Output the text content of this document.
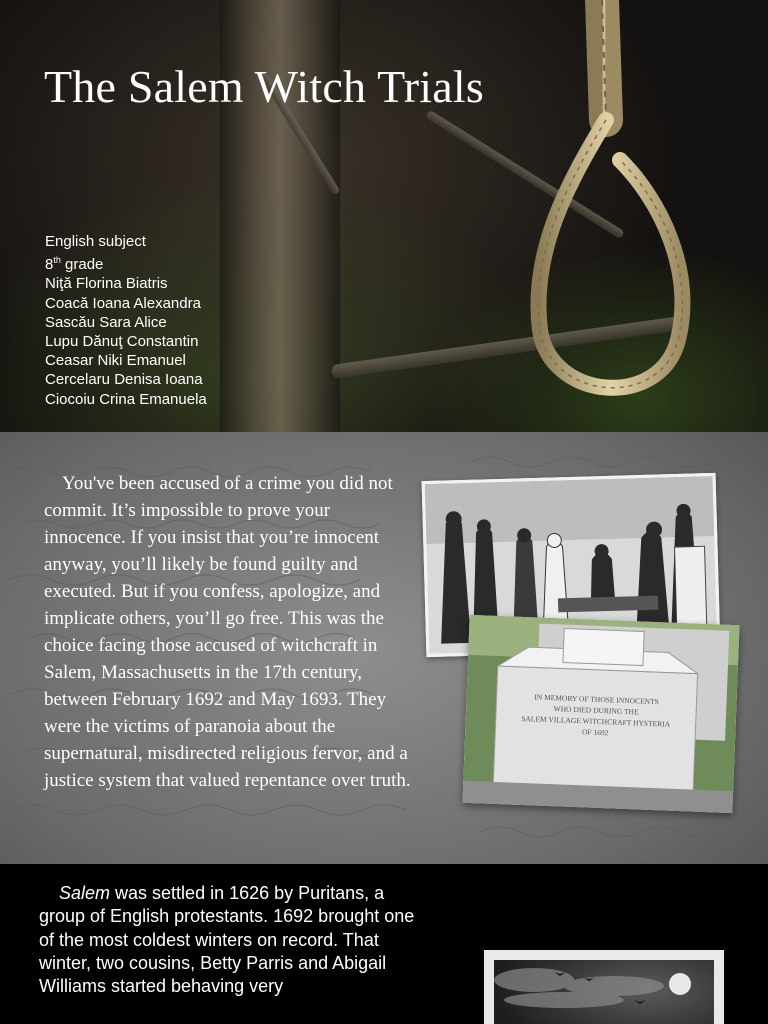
The Salem Witch Trials
English subject
8th grade
Niţă Florina Biatris
Coacă Ioana Alexandra
Sascău Sara Alice
Lupu Dănuţ Constantin
Ceasar Niki Emanuel
Cercelaru Denisa Ioana
Ciocoiu Crina Emanuela

You've been accused of a crime you did not commit. It’s impossible to prove your innocence. If you insist that you’re innocent anyway, you’ll likely be found guilty and executed. But if you confess, apologize, and implicate others, you’ll go free. This was the choice facing those accused of witchcraft in Salem, Massachusetts in the 17th century, between February 1692 and May 1693. They were the victims of paranoia about the supernatural, misdirected religious fervor, and a justice system that valued repentance over truth.

IN MEMORY OF THOSE INNOCENTS
WHO DIED DURING THE
SALEM VILLAGE WITCHCRAFT HYSTERIA
OF 1692

Salem was settled in 1626 by Puritans, a group of English protestants. 1692 brought one of the most coldest winters on record. That winter, two cousins, Betty Parris and Abigail Williams started behaving very
